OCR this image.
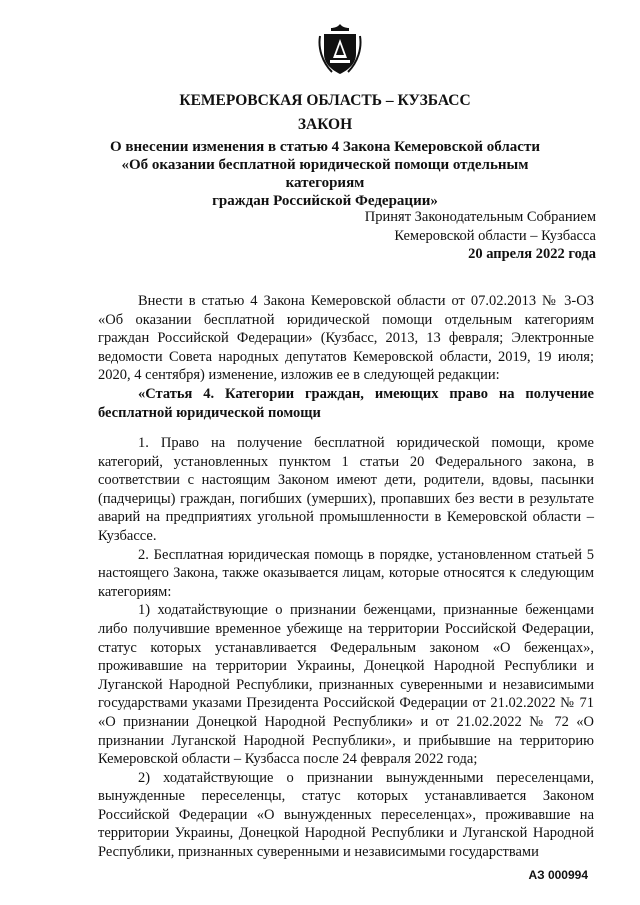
КЕМЕРОВСКАЯ ОБЛАСТЬ – КУЗБАСС
ЗАКОН
О внесении изменения в статью 4 Закона Кемеровской области
«Об оказании бесплатной юридической помощи отдельным категориям
граждан Российской Федерации»
Принят Законодательным Собранием
Кемеровской области – Кузбасса
20 апреля 2022 года

Внести в статью 4 Закона Кемеровской области от 07.02.2013 № 3-ОЗ «Об оказании бесплатной юридической помощи отдельным категориям граждан Российской Федерации» (Кузбасс, 2013, 13 февраля; Электронные ведомости Совета народных депутатов Кемеровской области, 2019, 19 июля; 2020, 4 сентября) изменение, изложив ее в следующей редакции:

«Статья 4. Категории граждан, имеющих право на получение бесплатной юридической помощи

1. Право на получение бесплатной юридической помощи, кроме категорий, установленных пунктом 1 статьи 20 Федерального закона, в соответствии с настоящим Законом имеют дети, родители, вдовы, пасынки (падчерицы) граждан, погибших (умерших), пропавших без вести в результате аварий на предприятиях угольной промышленности в Кемеровской области – Кузбассе.

2. Бесплатная юридическая помощь в порядке, установленном статьей 5 настоящего Закона, также оказывается лицам, которые относятся к следующим категориям:

1) ходатайствующие о признании беженцами, признанные беженцами либо получившие временное убежище на территории Российской Федерации, статус которых устанавливается Федеральным законом «О беженцах», проживавшие на территории Украины, Донецкой Народной Республики и Луганской Народной Республики, признанных суверенными и независимыми государствами указами Президента Российской Федерации от 21.02.2022 № 71 «О признании Донецкой Народной Республики» и от 21.02.2022 № 72 «О признании Луганской Народной Республики», и прибывшие на территорию Кемеровской области – Кузбасса после 24 февраля 2022 года;

2) ходатайствующие о признании вынужденными переселенцами, вынужденные переселенцы, статус которых устанавливается Законом Российской Федерации «О вынужденных переселенцах», проживавшие на территории Украины, Донецкой Народной Республики и Луганской Народной Республики, признанных суверенными и независимыми государствами

АЗ 000994
